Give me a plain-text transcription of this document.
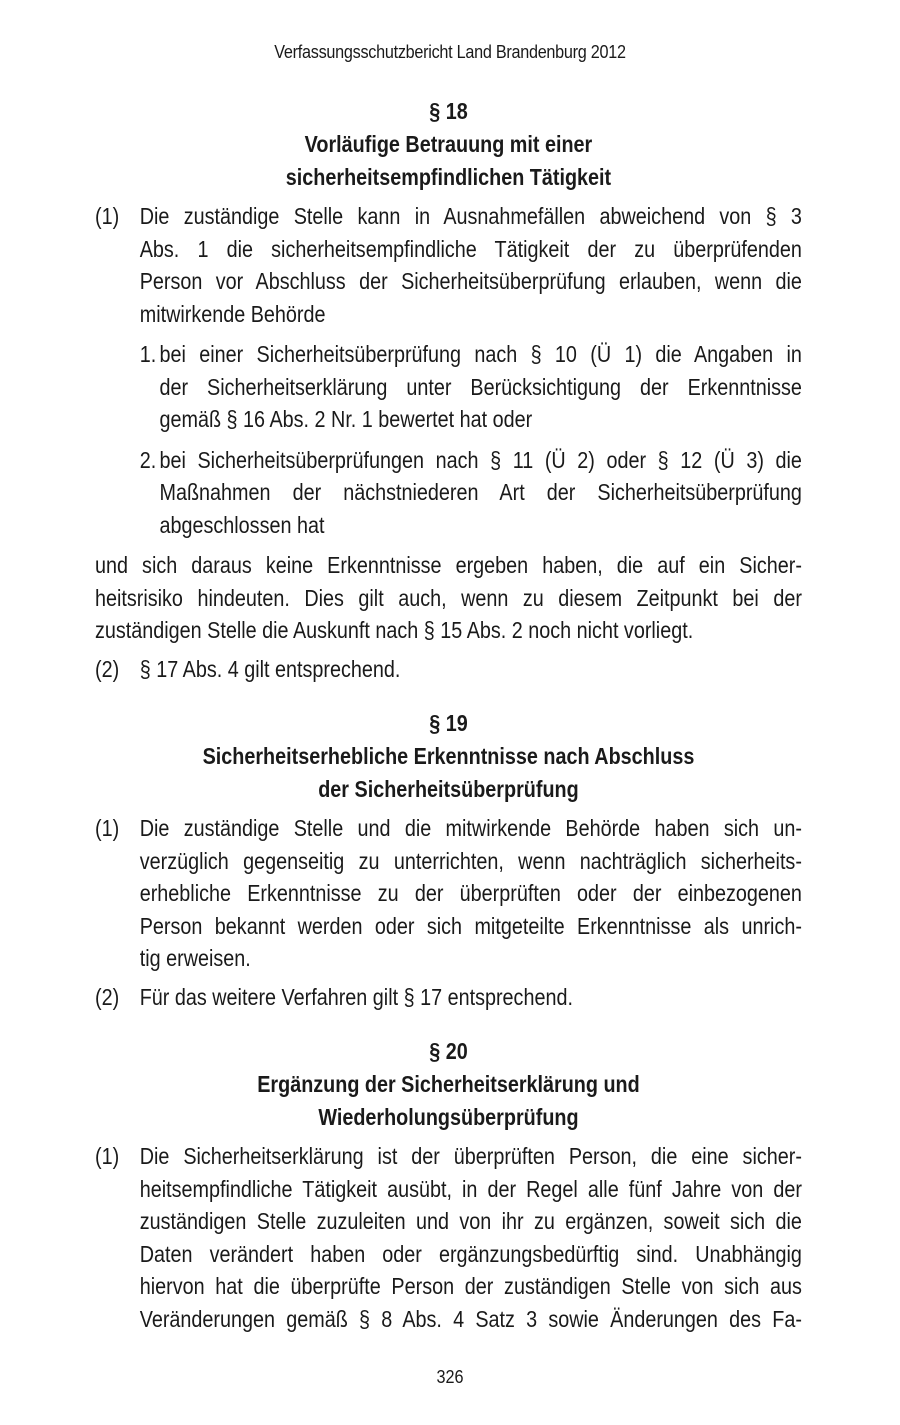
Verfassungsschutzbericht Land Brandenburg 2012
§ 18
Vorläufige Betrauung mit einer
sicherheitsempfindlichen Tätigkeit
(1) Die zuständige Stelle kann in Ausnahmefällen abweichend von § 3
Abs. 1 die sicherheitsempfindliche Tätigkeit der zu überprüfenden
Person vor Abschluss der Sicherheitsüberprüfung erlauben, wenn die
mitwirkende Behörde
1. bei einer Sicherheitsüberprüfung nach § 10 (Ü 1) die Angaben in
der Sicherheitserklärung unter Berücksichtigung der Erkenntnisse
gemäß § 16 Abs. 2 Nr. 1 bewertet hat oder
2. bei Sicherheitsüberprüfungen nach § 11 (Ü 2) oder § 12 (Ü 3) die
Maßnahmen der nächstniederen Art der Sicherheitsüberprüfung
abgeschlossen hat
und sich daraus keine Erkenntnisse ergeben haben, die auf ein Sicher-
heitsrisiko hindeuten. Dies gilt auch, wenn zu diesem Zeitpunkt bei der
zuständigen Stelle die Auskunft nach § 15 Abs. 2 noch nicht vorliegt.
(2) § 17 Abs. 4 gilt entsprechend.
§ 19
Sicherheitserhebliche Erkenntnisse nach Abschluss
der Sicherheitsüberprüfung
(1) Die zuständige Stelle und die mitwirkende Behörde haben sich un-
verzüglich gegenseitig zu unterrichten, wenn nachträglich sicherheits-
erhebliche Erkenntnisse zu der überprüften oder der einbezogenen
Person bekannt werden oder sich mitgeteilte Erkenntnisse als unrich-
tig erweisen.
(2) Für das weitere Verfahren gilt § 17 entsprechend.
§ 20
Ergänzung der Sicherheitserklärung und
Wiederholungsüberprüfung
(1) Die Sicherheitserklärung ist der überprüften Person, die eine sicher-
heitsempfindliche Tätigkeit ausübt, in der Regel alle fünf Jahre von der
zuständigen Stelle zuzuleiten und von ihr zu ergänzen, soweit sich die
Daten verändert haben oder ergänzungsbedürftig sind. Unabhängig
hiervon hat die überprüfte Person der zuständigen Stelle von sich aus
Veränderungen gemäß § 8 Abs. 4 Satz 3 sowie Änderungen des Fa-
326
